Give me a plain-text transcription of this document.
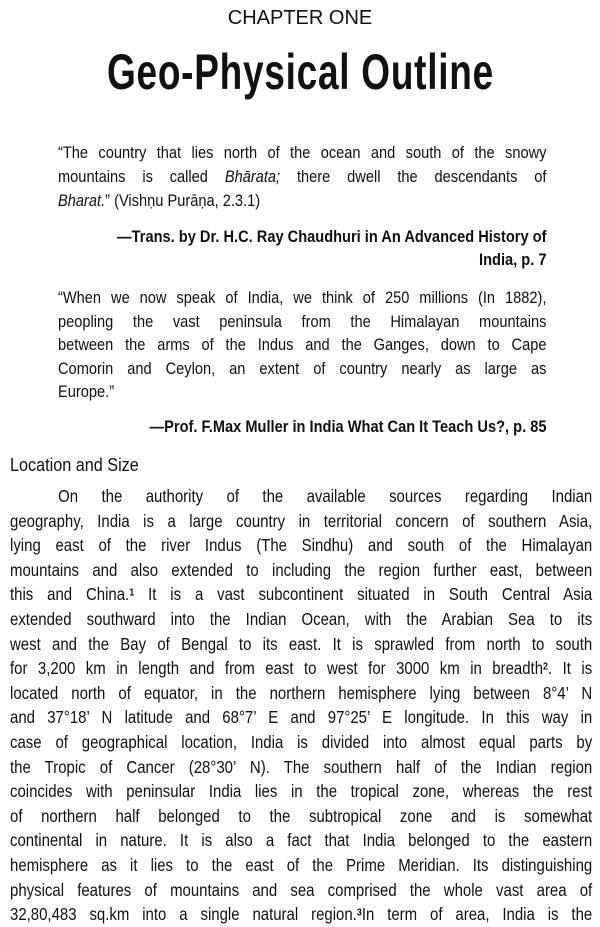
CHAPTER ONE
Geo-Physical Outline
“The country that lies north of the ocean and south of the snowy
mountains is called Bhārata; there dwell the descendants of
Bharat.” (Vishṇu Purāṇa, 2.3.1)
—Trans. by Dr. H.C. Ray Chaudhuri in An Advanced History of
India, p. 7
“When we now speak of India, we think of 250 millions (In 1882),
peopling the vast peninsula from the Himalayan mountains
between the arms of the Indus and the Ganges, down to Cape
Comorin and Ceylon, an extent of country nearly as large as
Europe.”
—Prof. F.Max Muller in India What Can It Teach Us?, p. 85
Location and Size
On the authority of the available sources regarding Indian
geography, India is a large country in territorial concern of southern Asia,
lying east of the river Indus (The Sindhu) and south of the Himalayan
mountains and also extended to including the region further east, between
this and China.$^1$ It is a vast subcontinent situated in South Central Asia
extended southward into the Indian Ocean, with the Arabian Sea to its
west and the Bay of Bengal to its east. It is sprawled from north to south
for 3,200 km in length and from east to west for 3000 km in breadth$^2$. It is
located north of equator, in the northern hemisphere lying between 8°4’ N
and 37°18’ N latitude and 68°7’ E and 97°25’ E longitude. In this way in
case of geographical location, India is divided into almost equal parts by
the Tropic of Cancer (28°30’ N). The southern half of the Indian region
coincides with peninsular India lies in the tropical zone, whereas the rest
of northern half belonged to the subtropical zone and is somewhat
continental in nature. It is also a fact that India belonged to the eastern
hemisphere as it lies to the east of the Prime Meridian. Its distinguishing
physical features of mountains and sea comprised the whole vast area of
32,80,483 sq.km into a single natural region.$^3$In term of area, India is the
